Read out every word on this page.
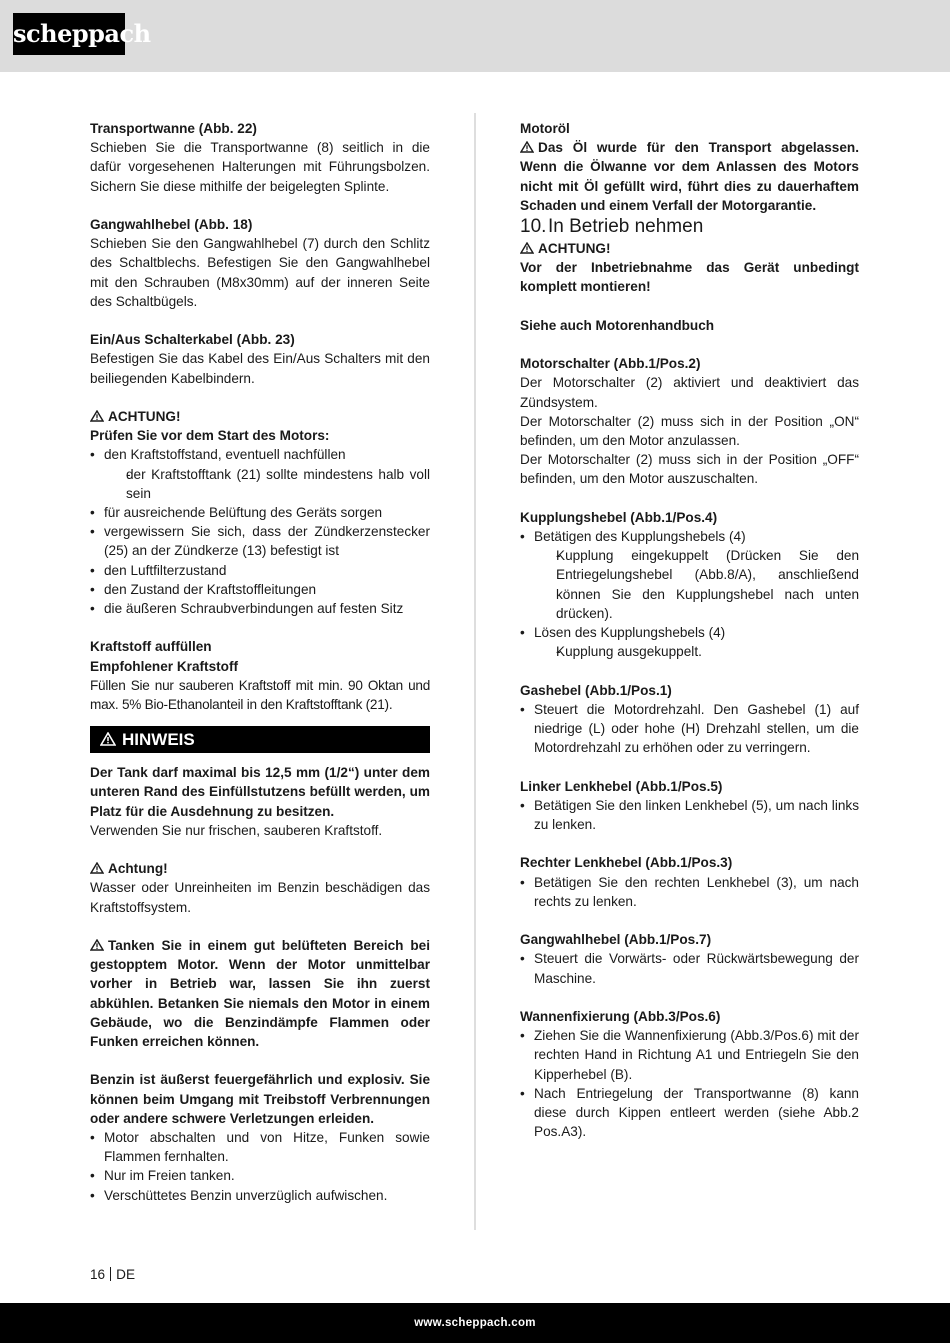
scheppach

Transportwanne (Abb. 22)

Schieben Sie die Transportwanne (8) seitlich in die dafür vorgesehenen Halterungen mit Führungsbolzen. Sichern Sie diese mithilfe der beigelegten Splinte.

Gangwahlhebel (Abb. 18)

Schieben Sie den Gangwahlhebel (7) durch den Schlitz des Schaltblechs. Befestigen Sie den Gangwahlhebel mit den Schrauben (M8x30mm) auf der inneren Seite des Schaltbügels.

Ein/Aus Schalterkabel (Abb. 23)

Befestigen Sie das Kabel des Ein/Aus Schalters mit den beiliegenden Kabelbindern.

ACHTUNG!

Prüfen Sie vor dem Start des Motors:

• den Kraftstoffstand, eventuell nachfüllen
- der Kraftstofftank (21) sollte mindestens halb voll sein
• für ausreichende Belüftung des Geräts sorgen
• vergewissern Sie sich, dass der Zündkerzenstecker (25) an der Zündkerze (13) befestigt ist
• den Luftfilterzustand
• den Zustand der Kraftstoffleitungen
• die äußeren Schraubverbindungen auf festen Sitz

Kraftstoff auffüllen

Empfohlener Kraftstoff

Füllen Sie nur sauberen Kraftstoff mit min. 90 Oktan und max. 5% Bio-Ethanolanteil in den Kraftstofftank (21).

HINWEIS

Der Tank darf maximal bis 12,5 mm (1/2“) unter dem unteren Rand des Einfüllstutzens befüllt werden, um Platz für die Ausdehnung zu besitzen.

Verwenden Sie nur frischen, sauberen Kraftstoff.

Achtung!

Wasser oder Unreinheiten im Benzin beschädigen das Kraftstoffsystem.

Tanken Sie in einem gut belüfteten Bereich bei gestopptem Motor. Wenn der Motor unmittelbar vorher in Betrieb war, lassen Sie ihn zuerst abkühlen. Betanken Sie niemals den Motor in einem Gebäude, wo die Benzindämpfe Flammen oder Funken erreichen können.

Benzin ist äußerst feuergefährlich und explosiv. Sie können beim Umgang mit Treibstoff Verbrennungen oder andere schwere Verletzungen erleiden.

• Motor abschalten und von Hitze, Funken sowie Flammen fernhalten.
• Nur im Freien tanken.
• Verschüttetes Benzin unverzüglich aufwischen.

Motoröl

Das Öl wurde für den Transport abgelassen. Wenn die Ölwanne vor dem Anlassen des Motors nicht mit Öl gefüllt wird, führt dies zu dauerhaftem Schaden und einem Verfall der Motorgarantie.

10.In Betrieb nehmen

ACHTUNG!

Vor der Inbetriebnahme das Gerät unbedingt komplett montieren!

Siehe auch Motorenhandbuch

Motorschalter (Abb.1/Pos.2)

Der Motorschalter (2) aktiviert und deaktiviert das Zündsystem.

Der Motorschalter (2) muss sich in der Position „ON“ befinden, um den Motor anzulassen.

Der Motorschalter (2) muss sich in der Position „OFF“ befinden, um den Motor auszuschalten.

Kupplungshebel (Abb.1/Pos.4)

• Betätigen des Kupplungshebels (4)
- Kupplung eingekuppelt (Drücken Sie den Entriegelungshebel (Abb.8/A), anschließend können Sie den Kupplungshebel nach unten drücken).
• Lösen des Kupplungshebels (4)
- Kupplung ausgekuppelt.

Gashebel (Abb.1/Pos.1)

• Steuert die Motordrehzahl. Den Gashebel (1) auf niedrige (L) oder hohe (H) Drehzahl stellen, um die Motordrehzahl zu erhöhen oder zu verringern.

Linker Lenkhebel (Abb.1/Pos.5)

• Betätigen Sie den linken Lenkhebel (5), um nach links zu lenken.

Rechter Lenkhebel (Abb.1/Pos.3)

• Betätigen Sie den rechten Lenkhebel (3), um nach rechts zu lenken.

Gangwahlhebel (Abb.1/Pos.7)

• Steuert die Vorwärts- oder Rückwärtsbewegung der Maschine.

Wannenfixierung (Abb.3/Pos.6)

• Ziehen Sie die Wannenfixierung (Abb.3/Pos.6) mit der rechten Hand in Richtung A1 und Entriegeln Sie den Kipperhebel (B).
• Nach Entriegelung der Transportwanne (8) kann diese durch Kippen entleert werden (siehe Abb.2 Pos.A3).
16 DE
www.scheppach.com
